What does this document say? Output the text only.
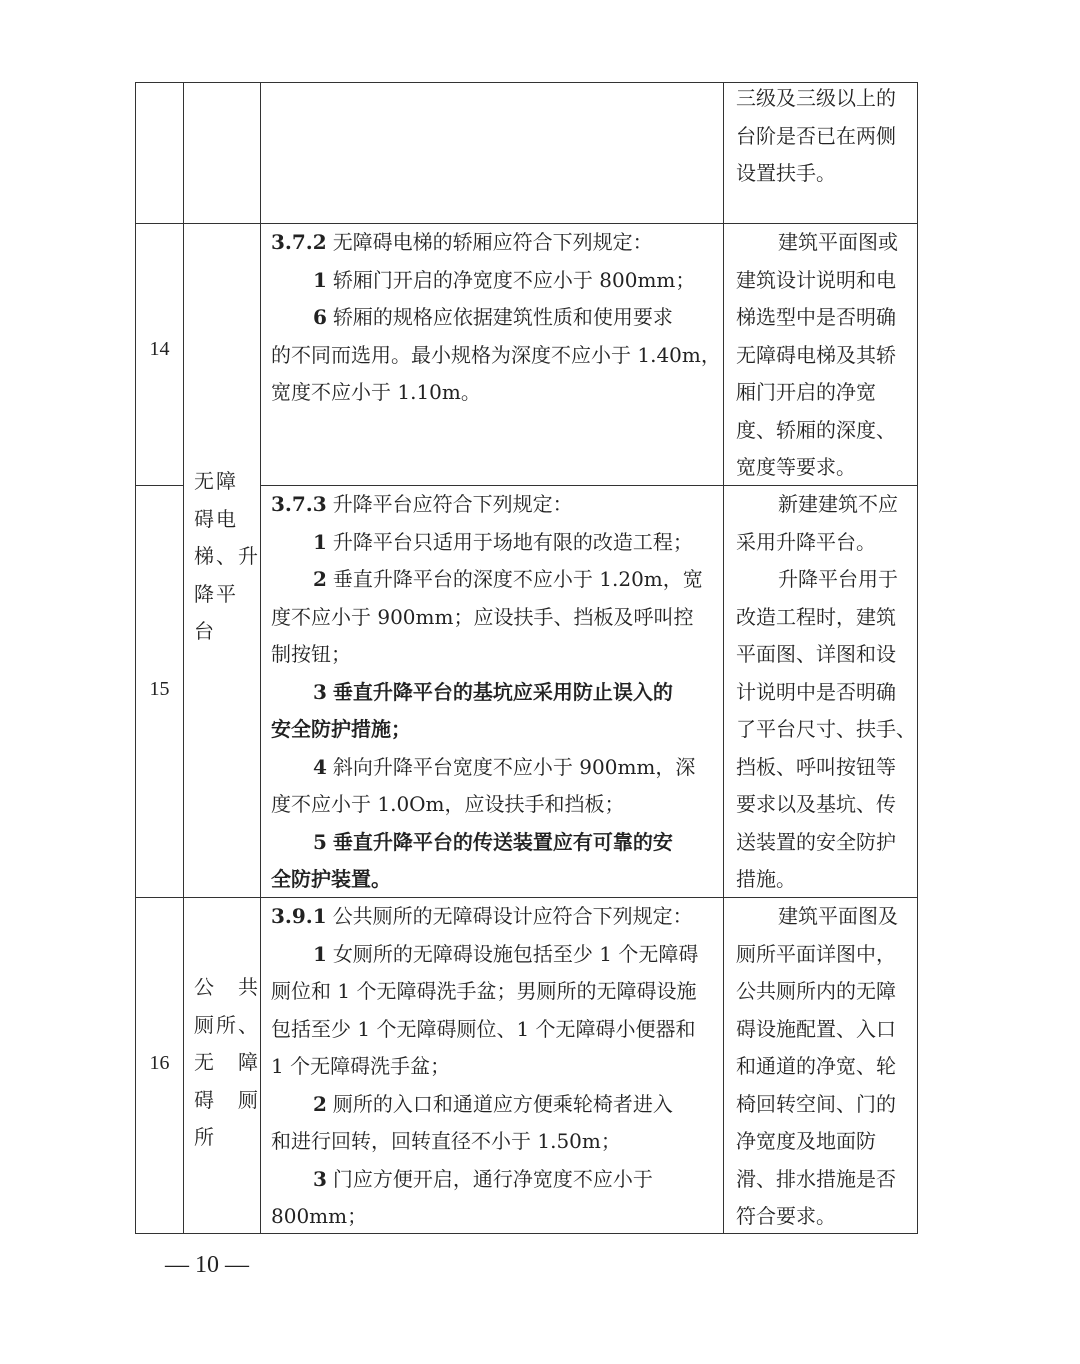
14
15
16
无障
碍电
梯、升
降平
台
公　共
厕所、
无　障
碍　厕
所
3.7.2 无障碍电梯的轿厢应符合下列规定：
1 轿厢门开启的净宽度不应小于 800mm；
6 轿厢的规格应依据建筑性质和使用要求
的不同而选用。最小规格为深度不应小于 1.40m，
宽度不应小于 1.10m。
3.7.3 升降平台应符合下列规定：
1 升降平台只适用于场地有限的改造工程；
2 垂直升降平台的深度不应小于 1.20m，宽
度不应小于 900mm；应设扶手、挡板及呼叫控
制按钮；
3 垂直升降平台的基坑应采用防止误入的
安全防护措施；
4 斜向升降平台宽度不应小于 900mm，深
度不应小于 1.0Om，应设扶手和挡板；
5 垂直升降平台的传送装置应有可靠的安
全防护装置。
3.9.1 公共厕所的无障碍设计应符合下列规定：
1 女厕所的无障碍设施包括至少 1 个无障碍
厕位和 1 个无障碍洗手盆；男厕所的无障碍设施
包括至少 1 个无障碍厕位、1 个无障碍小便器和
1 个无障碍洗手盆；
2 厕所的入口和通道应方便乘轮椅者进入
和进行回转，回转直径不小于 1.50m；
3 门应方便开启，通行净宽度不应小于
800mm；
三级及三级以上的
台阶是否已在两侧
设置扶手。
建筑平面图或
建筑设计说明和电
梯选型中是否明确
无障碍电梯及其轿
厢门开启的净宽
度、轿厢的深度、
宽度等要求。
新建建筑不应
采用升降平台。
升降平台用于
改造工程时，建筑
平面图、详图和设
计说明中是否明确
了平台尺寸、扶手、
挡板、呼叫按钮等
要求以及基坑、传
送装置的安全防护
措施。
建筑平面图及
厕所平面详图中，
公共厕所内的无障
碍设施配置、入口
和通道的净宽、轮
椅回转空间、门的
净宽度及地面防
滑、排水措施是否
符合要求。
— 10 —
